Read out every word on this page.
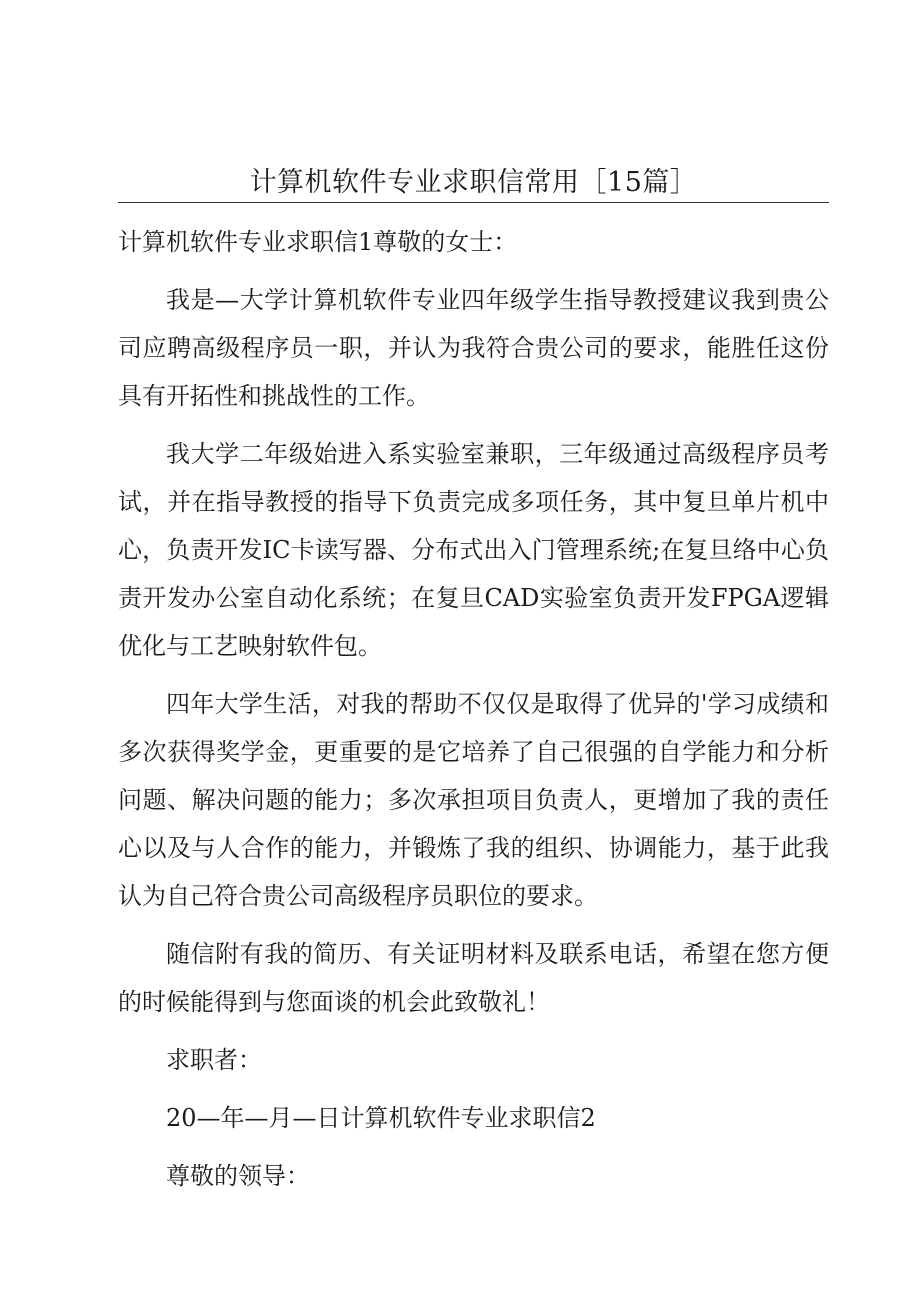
计算机软件专业求职信常用［15篇］

计算机软件专业求职信1尊敬的女士：

我是—大学计算机软件专业四年级学生指导教授建议我到贵公司应聘高级程序员一职，并认为我符合贵公司的要求，能胜任这份具有开拓性和挑战性的工作。

我大学二年级始进入系实验室兼职，三年级通过高级程序员考试，并在指导教授的指导下负责完成多项任务，其中复旦单片机中心，负责开发IC卡读写器、分布式出入门管理系统;在复旦络中心负责开发办公室自动化系统；在复旦CAD实验室负责开发FPGA逻辑优化与工艺映射软件包。

四年大学生活，对我的帮助不仅仅是取得了优异的'学习成绩和多次获得奖学金，更重要的是它培养了自己很强的自学能力和分析问题、解决问题的能力；多次承担项目负责人，更增加了我的责任心以及与人合作的能力，并锻炼了我的组织、协调能力，基于此我认为自己符合贵公司高级程序员职位的要求。

随信附有我的简历、有关证明材料及联系电话，希望在您方便的时候能得到与您面谈的机会此致敬礼！

求职者：

20—年—月—日计算机软件专业求职信2

尊敬的领导：
